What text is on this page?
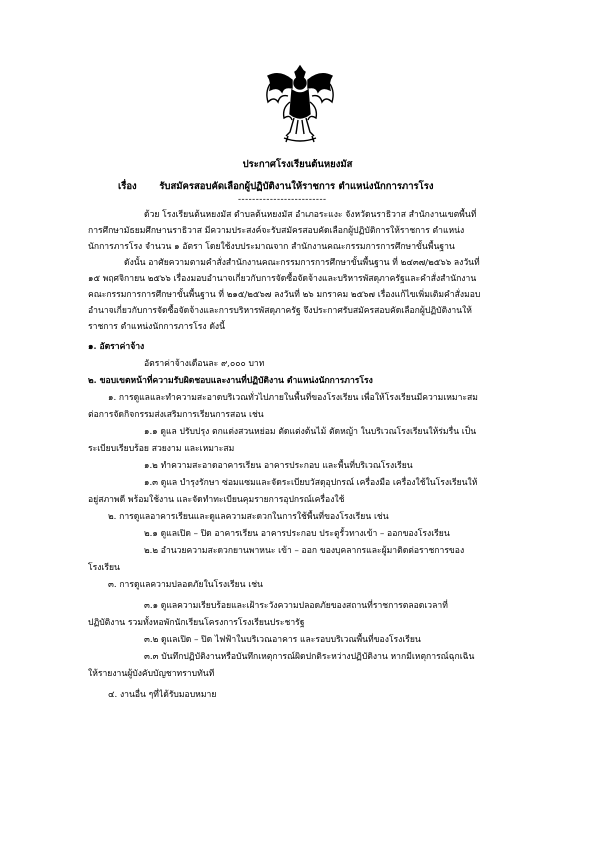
ประกาศโรงเรียนต้นหยงมัส
เรื่อง รับสมัครสอบคัดเลือกผู้ปฏิบัติงานให้ราชการ ตำแหน่งนักการภารโรง
-------------------------
ด้วย โรงเรียนต้นหยงมัส ตำบลต้นหยงมัส อำเภอระแงะ จังหวัดนราธิวาส สำนักงานเขตพื้นที่
การศึกษามัธยมศึกษานราธิวาส มีความประสงค์จะรับสมัครสอบคัดเลือกผู้ปฏิบัติการให้ราชการ ตำแหน่ง
นักการภารโรง จำนวน ๑ อัตรา โดยใช้งบประมาณจาก สำนักงานคณะกรรมการการศึกษาขั้นพื้นฐาน
ดังนั้น อาศัยความตามคำสั่งสำนักงานคณะกรรมการการศึกษาขั้นพื้นฐาน ที่ ๒๔๓๗/๒๕๖๖ ลงวันที่
๑๕ พฤศจิกายน ๒๕๖๖ เรื่องมอบอำนาจเกี่ยวกับการจัดซื้อจัดจ้างและบริหารพัสดุภาครัฐและคำสั่งสำนักงาน
คณะกรรมการการศึกษาขั้นพื้นฐาน ที่ ๒๑๕/๒๕๖๗ ลงวันที่ ๒๖ มกราคม ๒๕๖๗ เรื่องแก้ไขเพิ่มเติมคำสั่งมอบ
อำนาจเกี่ยวกับการจัดซื้อจัดจ้างและการบริหารพัสดุภาครัฐ จึงประกาศรับสมัครสอบคัดเลือกผู้ปฏิบัติงานให้
ราชการ ตำแหน่งนักการภารโรง ดังนี้
๑. อัตราค่าจ้าง
อัตราค่าจ้างเดือนละ ๙,๐๐๐ บาท
๒. ขอบเขตหน้าที่ความรับผิดชอบและงานที่ปฏิบัติงาน ตำแหน่งนักการภารโรง
๑. การดูแลและทำความสะอาดบริเวณทั่วไปภายในพื้นที่ของโรงเรียน เพื่อให้โรงเรียนมีความเหมาะสม
ต่อการจัดกิจกรรมส่งเสริมการเรียนการสอน เช่น
๑.๑ ดูแล ปรับปรุง ตกแต่งสวนหย่อม ตัดแต่งต้นไม้ ตัดหญ้า ในบริเวณโรงเรียนให้ร่มรื่น เป็น
ระเบียบเรียบร้อย สวยงาม และเหมาะสม
๑.๒ ทำความสะอาดอาคารเรียน อาคารประกอบ และพื้นที่บริเวณโรงเรียน
๑.๓ ดูแล บำรุงรักษา ซ่อมแซมและจัดระเบียบวัสดุอุปกรณ์ เครื่องมือ เครื่องใช้ในโรงเรียนให้
อยู่สภาพดี พร้อมใช้งาน และจัดทำทะเบียนคุมรายการอุปกรณ์เครื่องใช้
๒. การดูแลอาคารเรียนและดูแลความสะดวกในการใช้พื้นที่ของโรงเรียน เช่น
๒.๑ ดูแลเปิด – ปิด อาคารเรียน อาคารประกอบ ประตูรั้วทางเข้า – ออกของโรงเรียน
๒.๒ อำนวยความสะดวกยานพาหนะ เข้า – ออก ของบุคลากรและผู้มาติดต่อราชการของ
โรงเรียน
๓. การดูแลความปลอดภัยในโรงเรียน เช่น
๓.๑ ดูแลความเรียบร้อยและเฝ้าระวังความปลอดภัยของสถานที่ราชการตลอดเวลาที่
ปฏิบัติงาน รวมทั้งหอพักนักเรียนโครงการโรงเรียนประชารัฐ
๓.๒ ดูแลเปิด – ปิด ไฟฟ้าในบริเวณอาคาร และรอบบริเวณพื้นที่ของโรงเรียน
๓.๓ บันทึกปฏิบัติงานหรือบันทึกเหตุการณ์ผิดปกติระหว่างปฏิบัติงาน หากมีเหตุการณ์ฉุกเฉิน
ให้รายงานผู้บังคับบัญชาทราบทันที
๔. งานอื่น ๆที่ได้รับมอบหมาย
